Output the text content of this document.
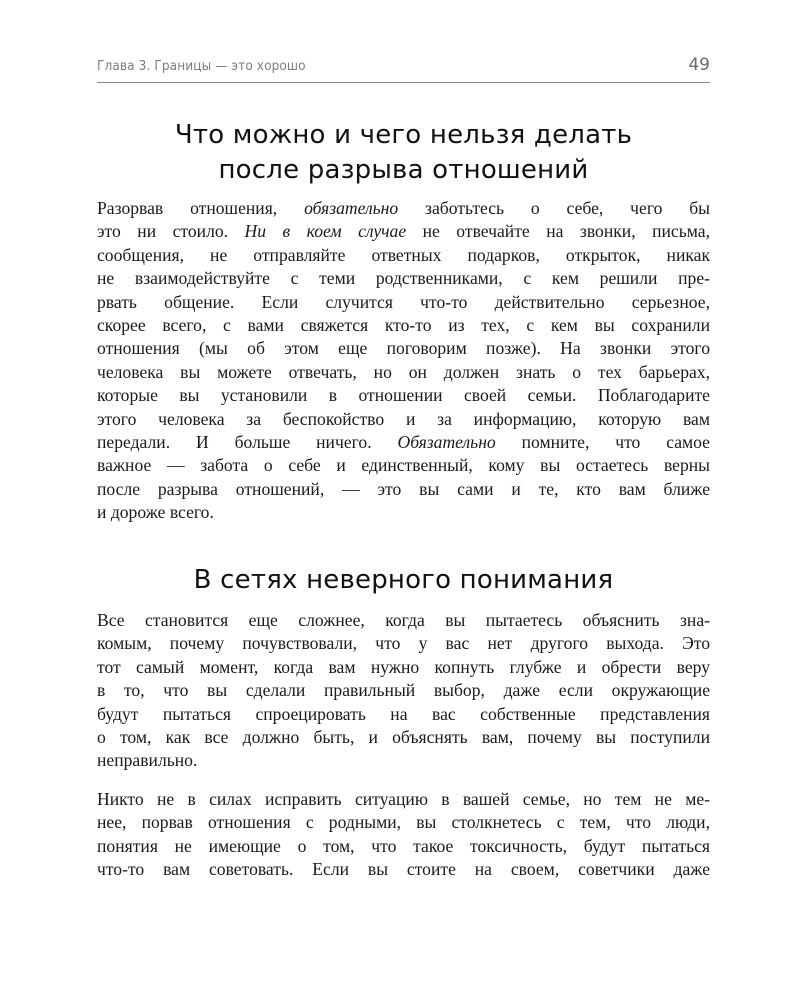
Глава 3. Границы — это хорошо	49
Что можно и чего нельзя делать
после разрыва отношений
Разорвав отношения, обязательно заботьтесь о себе, чего бы
это ни стоило. Ни в коем случае не отвечайте на звонки, письма,
сообщения, не отправляйте ответных подарков, открыток, никак
не взаимодействуйте с теми родственниками, с кем решили пре-
рвать общение. Если случится что-то действительно серьезное,
скорее всего, с вами свяжется кто-то из тех, с кем вы сохранили
отношения (мы об этом еще поговорим позже). На звонки этого
человека вы можете отвечать, но он должен знать о тех барьерах,
которые вы установили в отношении своей семьи. Поблагодарите
этого человека за беспокойство и за информацию, которую вам
передали. И больше ничего. Обязательно помните, что самое
важное — забота о себе и единственный, кому вы остаетесь верны
после разрыва отношений, — это вы сами и те, кто вам ближе
и дороже всего.
В сетях неверного понимания
Все становится еще сложнее, когда вы пытаетесь объяснить зна-
комым, почему почувствовали, что у вас нет другого выхода. Это
тот самый момент, когда вам нужно копнуть глубже и обрести веру
в то, что вы сделали правильный выбор, даже если окружающие
будут пытаться спроецировать на вас собственные представления
о том, как все должно быть, и объяснять вам, почему вы поступили
неправильно.
Никто не в силах исправить ситуацию в вашей семье, но тем не ме-
нее, порвав отношения с родными, вы столкнетесь с тем, что люди,
понятия не имеющие о том, что такое токсичность, будут пытаться
что-то вам советовать. Если вы стоите на своем, советчики даже
